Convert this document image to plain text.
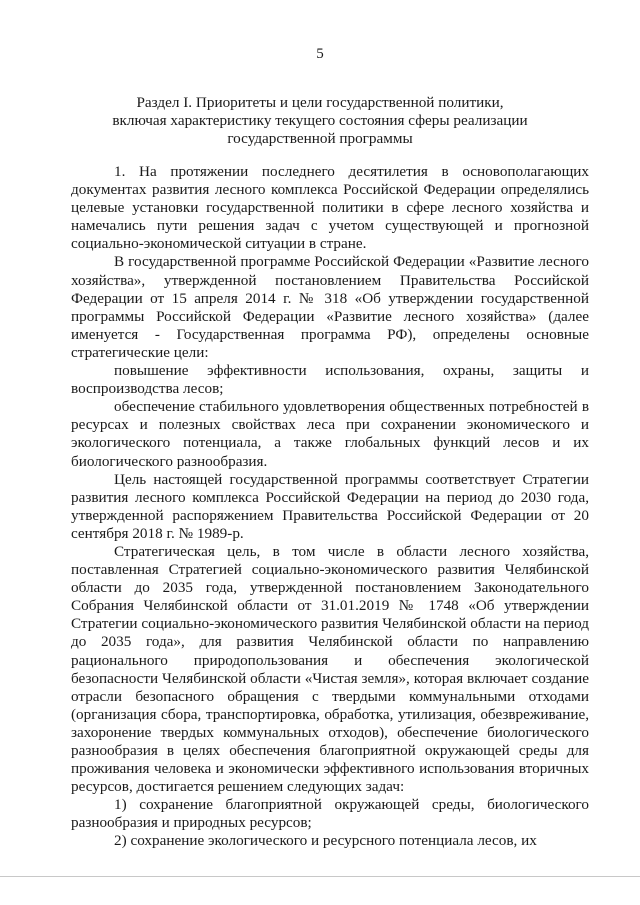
5
Раздел I. Приоритеты и цели государственной политики,
включая характеристику текущего состояния сферы реализации
государственной программы

1. На протяжении последнего десятилетия в основополагающих документах развития лесного комплекса Российской Федерации определялись целевые установки государственной политики в сфере лесного хозяйства и намечались пути решения задач с учетом существующей и прогнозной социально-экономической ситуации в стране.

В государственной программе Российской Федерации «Развитие лесного хозяйства», утвержденной постановлением Правительства Российской Федерации от 15 апреля 2014 г. № 318 «Об утверждении государственной программы Российской Федерации «Развитие лесного хозяйства» (далее именуется - Государственная программа РФ), определены основные стратегические цели:

повышение эффективности использования, охраны, защиты и воспроизводства лесов;

обеспечение стабильного удовлетворения общественных потребностей в ресурсах и полезных свойствах леса при сохранении экономического и экологического потенциала, а также глобальных функций лесов и их биологического разнообразия.

Цель настоящей государственной программы соответствует Стратегии развития лесного комплекса Российской Федерации на период до 2030 года, утвержденной распоряжением Правительства Российской Федерации от 20 сентября 2018 г. № 1989-р.

Стратегическая цель, в том числе в области лесного хозяйства, поставленная Стратегией социально-экономического развития Челябинской области до 2035 года, утвержденной постановлением Законодательного Собрания Челябинской области от 31.01.2019 № 1748 «Об утверждении Стратегии социально-экономического развития Челябинской области на период до 2035 года», для развития Челябинской области по направлению рационального природопользования и обеспечения экологической безопасности Челябинской области «Чистая земля», которая включает создание отрасли безопасного обращения с твердыми коммунальными отходами (организация сбора, транспортировка, обработка, утилизация, обезвреживание, захоронение твердых коммунальных отходов), обеспечение биологического разнообразия в целях обеспечения благоприятной окружающей среды для проживания человека и экономически эффективного использования вторичных ресурсов, достигается решением следующих задач:

1) сохранение благоприятной окружающей среды, биологического разнообразия и природных ресурсов;

2) сохранение экологического и ресурсного потенциала лесов, их
